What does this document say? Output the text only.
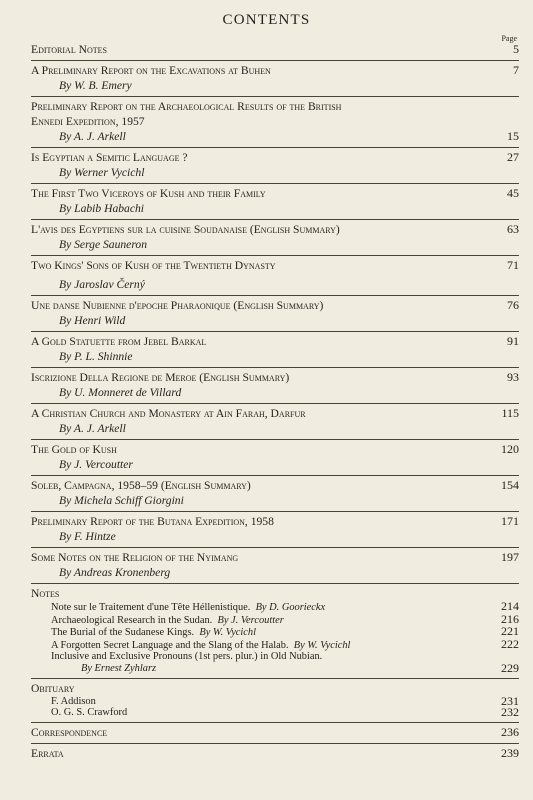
CONTENTS
Page
Editorial Notes	5
A Preliminary Report on the Excavations at Buhen	7
By W. B. Emery
Preliminary Report on the Archaeological Results of the British
Ennedi Expedition, 1957
By A. J. Arkell	15
Is Egyptian a Semitic Language ?	27
By Werner Vycichl
The First Two Viceroys of Kush and their Family	45
By Labib Habachi
L'avis des Egyptiens sur la cuisine Soudanaise (English Summary)	63
By Serge Sauneron
Two Kings' Sons of Kush of the Twentieth Dynasty	71
By Jaroslav Černý
Une danse Nubienne d'epoche Pharaonique (English Summary)	76
By Henri Wild
A Gold Statuette from Jebel Barkal	91
By P. L. Shinnie
Iscrizione Della Regione de Meroe (English Summary)	93
By U. Monneret de Villard
A Christian Church and Monastery at Ain Farah, Darfur	115
By A. J. Arkell
The Gold of Kush	120
By J. Vercoutter
Soleb, Campagna, 1958–59 (English Summary)	154
By Michela Schiff Giorgini
Preliminary Report of the Butana Expedition, 1958	171
By F. Hintze
Some Notes on the Religion of the Nyimang	197
By Andreas Kronenberg
Notes
Note sur le Traitement d'une Tête Héllenistique. By D. Goorieckx	214
Archaeological Research in the Sudan. By J. Vercoutter	216
The Burial of the Sudanese Kings. By W. Vycichl	221
A Forgotten Secret Language and the Slang of the Halab. By W. Vycichl	222
Inclusive and Exclusive Pronouns (1st pers. plur.) in Old Nubian.
By Ernest Zyhlarz	229
Obituary
F. Addison	231
O. G. S. Crawford	232
Correspondence	236
Errata	239
